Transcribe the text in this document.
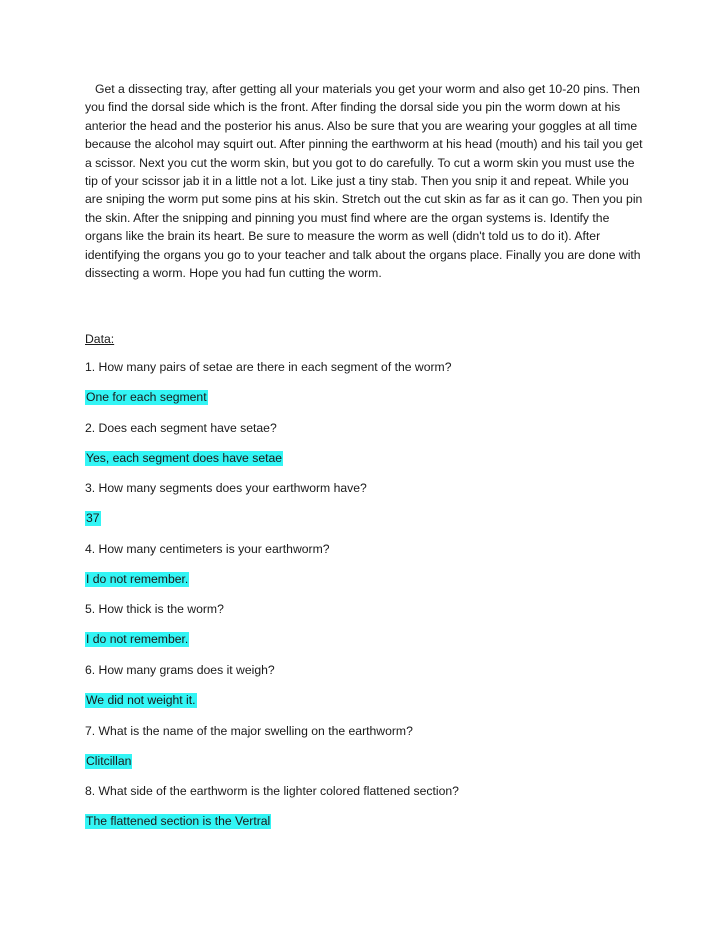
Get a dissecting tray, after getting all your materials you get your worm and also get 10-20 pins. Then you find the dorsal side which is the front. After finding the dorsal side you pin the worm down at his anterior the head and the posterior his anus. Also be sure that you are wearing your goggles at all time because the alcohol may squirt out. After pinning the earthworm at his head (mouth) and his tail you get a scissor. Next you cut the worm skin, but you got to do carefully. To cut a worm skin you must use the tip of your scissor jab it in a little not a lot. Like just a tiny stab. Then you snip it and repeat. While you are sniping the worm put some pins at his skin. Stretch out the cut skin as far as it can go. Then you pin the skin. After the snipping and pinning you must find where are the organ systems is. Identify the organs like the brain its heart. Be sure to measure the worm as well (didn't told us to do it). After identifying the organs you go to your teacher and talk about the organs place. Finally you are done with dissecting a worm. Hope you had fun cutting the worm.

Data:

1. How many pairs of setae are there in each segment of the worm?
One for each segment
2. Does each segment have setae?
Yes, each segment does have setae
3. How many segments does your earthworm have?
37
4. How many centimeters is your earthworm?
I do not remember.
5. How thick is the worm?
I do not remember.
6. How many grams does it weigh?
We did not weight it.
7. What is the name of the major swelling on the earthworm?
Clitcillan
8. What side of the earthworm is the lighter colored flattened section?
The flattened section is the Vertral
